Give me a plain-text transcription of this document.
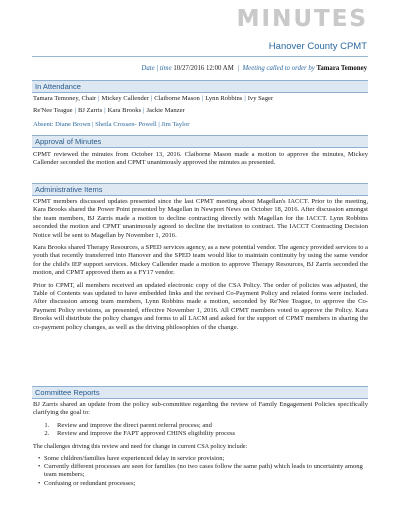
MINUTES
Hanover County CPMT
Date | time 10/27/2016 12:00 AM | Meeting called to order by Tamara Temoney
In Attendance

Tamara Temoney, Chair | Mickey Callender | Claiborne Mason | Lynn Robbins | Ivy Sager

Re'Nee Teague | BJ Zarris | Kara Brooks | Jackie Manzer

Absent: Diane Brown | Sheila Crossen- Powell | Jim Taylor

Approval of Minutes

CPMT reviewed the minutes from October 13, 2016. Claiborne Mason made a motion to approve the minutes, Mickey Callender seconded the motion and CPMT unanimously approved the minutes as presented.

Administrative Items

CPMT members discussed updates presented since the last CPMT meeting about Magellan's IACCT. Prior to the meeting, Kara Brooks shared the Power Point presented by Magellan in Newport News on October 18, 2016. After discussion amongst the team members, BJ Zarris made a motion to decline contracting directly with Magellan for the IACCT. Lynn Robbins seconded the motion and CPMT unanimously agreed to decline the invitation to contract. The IACCT Contracting Decision Notice will be sent to Magellan by November 1, 2016.

Kara Brooks shared Therapy Resources, a SPED services agency, as a new potential vendor. The agency provided services to a youth that recently transferred into Hanover and the SPED team would like to maintain continuity by using the same vendor for the child's IEP support services. Mickey Callender made a motion to approve Therapy Resources, BJ Zarris seconded the motion, and CPMT approved them as a FY17 vendor.

Prior to CPMT, all members received an updated electronic copy of the CSA Policy. The order of policies was adjusted, the Table of Contents was updated to have embedded links and the revised Co-Payment Policy and related forms were included. After discussion among team members, Lynn Robbins made a motion, seconded by Re'Nee Teague, to approve the Co-Payment Policy revisions, as presented, effective November 1, 2016. All CPMT members voted to approve the Policy. Kara Brooks will distribute the policy changes and forms to all LACM and asked for the support of CPMT members in sharing the co-payment policy changes, as well as the driving philosophies of the change.

Committee Reports

BJ Zarris shared an update from the policy sub-committee regarding the review of Family Engagement Policies specifically clarifying the goal to:

1. Review and improve the direct parent referral process; and
2. Review and improve the FAPT approved CHINS eligibility process

The challenges driving this review and need for change in current CSA policy include:

• Some children/families have experienced delay in service provision;
• Currently different processes are seen for families (no two cases follow the same path) which leads to uncertainty among team members;
• Confusing or redundant processes;
